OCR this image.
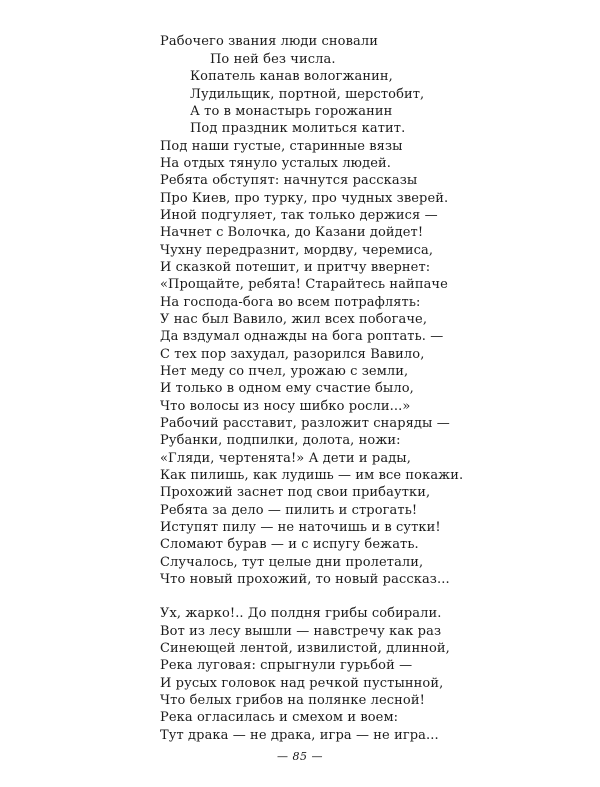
Рабочего звания люди сновали
По ней без числа.
Копатель канав вологжанин,
Лудильщик, портной, шерстобит,
А то в монастырь горожанин
Под праздник молиться катит.
Под наши густые, старинные вязы
На отдых тянуло усталых людей.
Ребята обступят: начнутся рассказы
Про Киев, про турку, про чудных зверей.
Иной подгуляет, так только держися —
Начнет с Волочка, до Казани дойдет!
Чухну передразнит, мордву, черемиса,
И сказкой потешит, и притчу ввернет:
«Прощайте, ребята! Старайтесь найпаче
На господа-бога во всем потрафлять:
У нас был Вавило, жил всех побогаче,
Да вздумал однажды на бога роптать. —
С тех пор захудал, разорился Вавило,
Нет меду со пчел, урожаю с земли,
И только в одном ему счастие было,
Что волосы из носу шибко росли...»
Рабочий расставит, разложит снаряды —
Рубанки, подпилки, долота, ножи:
«Гляди, чертенята!» А дети и рады,
Как пилишь, как лудишь — им все покажи.
Прохожий заснет под свои прибаутки,
Ребята за дело — пилить и строгать!
Иступят пилу — не наточишь и в сутки!
Сломают бурав — и с испугу бежать.
Случалось, тут целые дни пролетали,
Что новый прохожий, то новый рассказ...
Ух, жарко!.. До полдня грибы собирали.
Вот из лесу вышли — навстречу как раз
Синеющей лентой, извилистой, длинной,
Река луговая: спрыгнули гурьбой —
И русых головок над речкой пустынной,
Что белых грибов на полянке лесной!
Река огласилась и смехом и воем:
Тут драка — не драка, игра — не игра...
— 85 —
